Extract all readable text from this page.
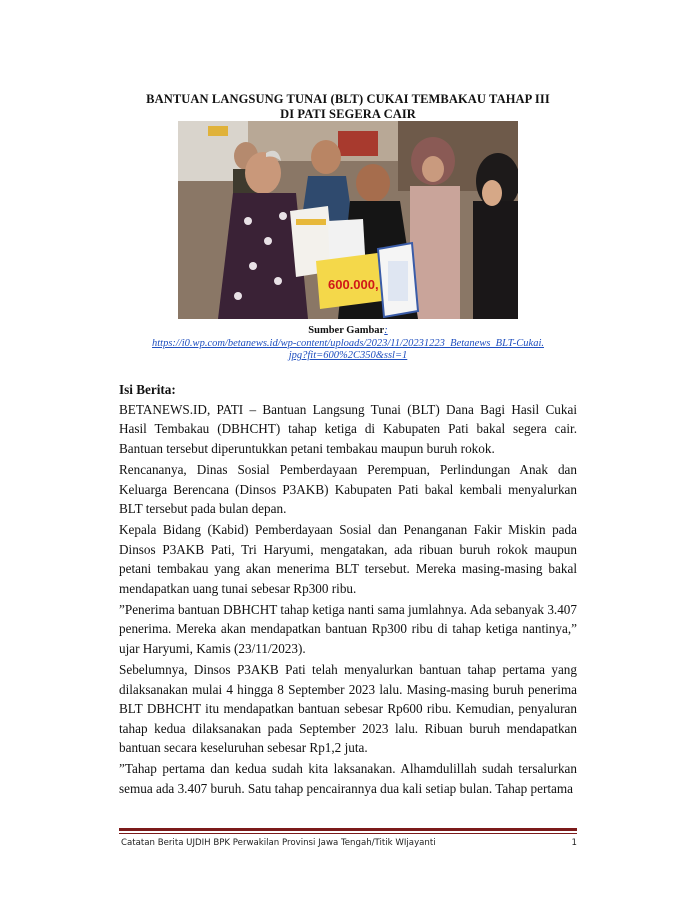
BANTUAN LANGSUNG TUNAI (BLT) CUKAI TEMBAKAU TAHAP III
DI PATI SEGERA CAIR
600.000,
Sumber Gambar:
https://i0.wp.com/betanews.id/wp-content/uploads/2023/11/20231223_Betanews_BLT-Cukai.
jpg?fit=600%2C350&ssl=1
Isi Berita:

BETANEWS.ID, PATI – Bantuan Langsung Tunai (BLT) Dana Bagi Hasil Cukai Hasil Tembakau (DBHCHT) tahap ketiga di Kabupaten Pati bakal segera cair. Bantuan tersebut diperuntukkan petani tembakau maupun buruh rokok.

Rencananya, Dinas Sosial Pemberdayaan Perempuan, Perlindungan Anak dan Keluarga Berencana (Dinsos P3AKB) Kabupaten Pati bakal kembali menyalurkan BLT tersebut pada bulan depan.

Kepala Bidang (Kabid) Pemberdayaan Sosial dan Penanganan Fakir Miskin pada Dinsos P3AKB Pati, Tri Haryumi, mengatakan, ada ribuan buruh rokok maupun petani tembakau yang akan menerima BLT tersebut. Mereka masing-masing bakal mendapatkan uang tunai sebesar Rp300 ribu.

”Penerima bantuan DBHCHT tahap ketiga nanti sama jumlahnya. Ada sebanyak 3.407 penerima. Mereka akan mendapatkan bantuan Rp300 ribu di tahap ketiga nantinya,” ujar Haryumi, Kamis (23/11/2023).

Sebelumnya, Dinsos P3AKB Pati telah menyalurkan bantuan tahap pertama yang dilaksanakan mulai 4 hingga 8 September 2023 lalu. Masing-masing buruh penerima BLT DBHCHT itu mendapatkan bantuan sebesar Rp600 ribu. Kemudian, penyaluran tahap kedua dilaksanakan pada September 2023 lalu. Ribuan buruh mendapatkan bantuan secara keseluruhan sebesar Rp1,2 juta.

”Tahap pertama dan kedua sudah kita laksanakan. Alhamdulillah sudah tersalurkan semua ada 3.407 buruh. Satu tahap pencairannya dua kali setiap bulan. Tahap pertama

Catatan Berita UJDIH BPK Perwakilan Provinsi Jawa Tengah/Titik WIjayanti	1
